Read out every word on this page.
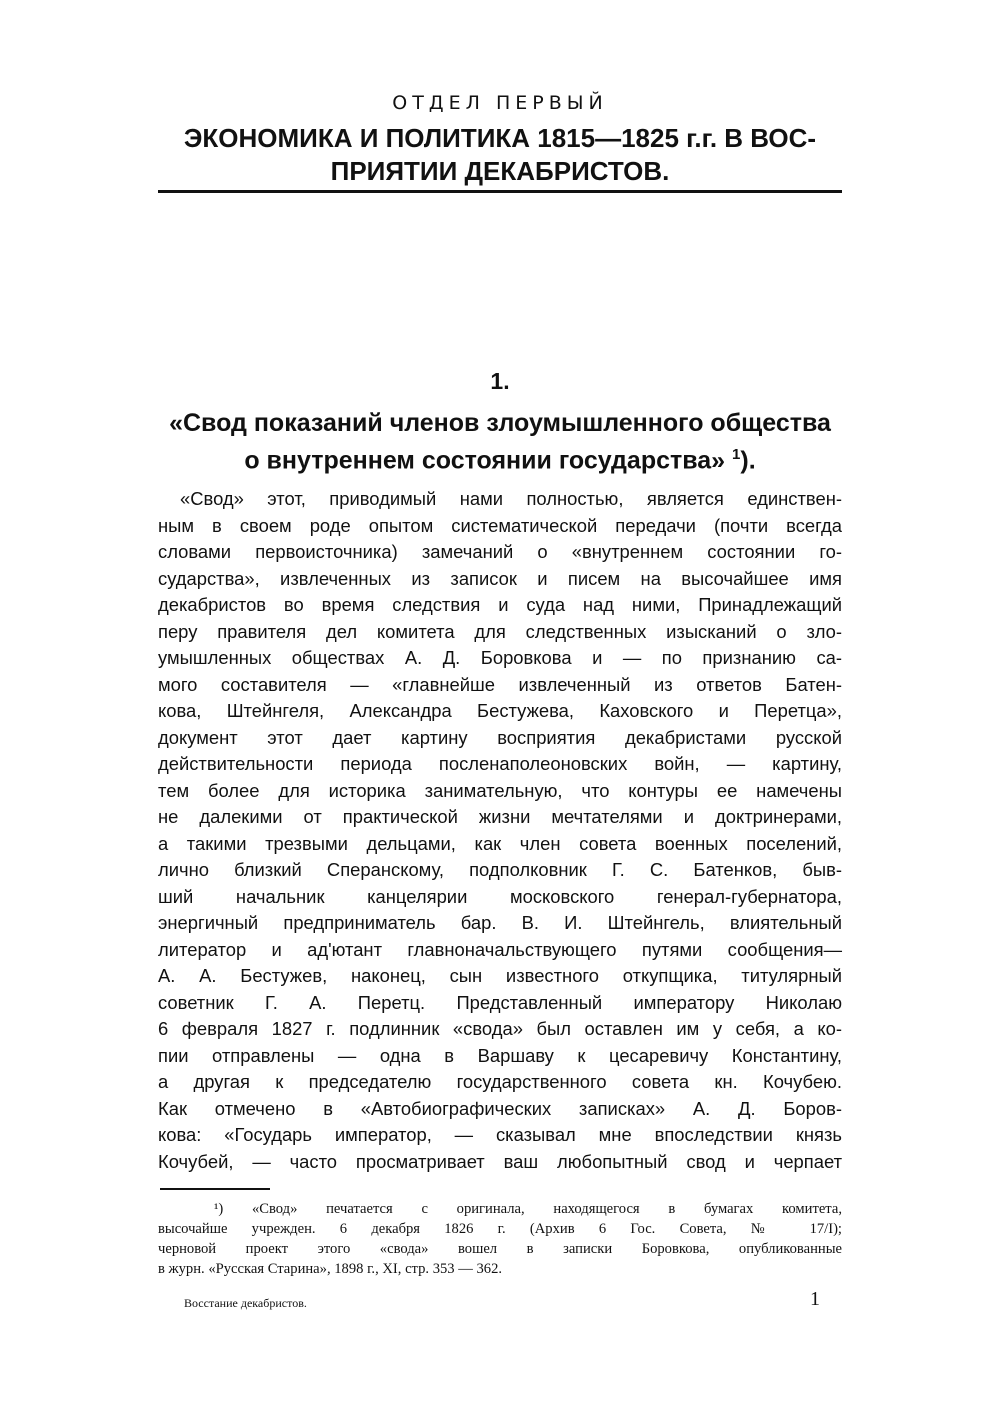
ОТДЕЛ ПЕРВЫЙ
ЭКОНОМИКА И ПОЛИТИКА 1815—1825 г.г. В ВОС-
ПРИЯТИИ ДЕКАБРИСТОВ.
1.
«Свод показаний членов злоумышленного общества
о внутреннем состоянии государства» $^1$).
«Свод» этот, приводимый нами полностью, является единствен-
ным в своем роде опытом систематической передачи (почти всегда
словами первоисточника) замечаний о «внутреннем состоянии го-
сударства», извлеченных из записок и писем на высочайшее имя
декабристов во время следствия и суда над ними, Принадлежащий
перу правителя дел комитета для следственных изысканий о зло-
умышленных обществах А. Д. Боровкова и — по признанию са-
мого составителя — «главнейше извлеченный из ответов Батен-
кова, Штейнгеля, Александра Бестужева, Каховского и Перетца»,
документ этот дает картину восприятия декабристами русской
действительности периода посленаполеоновских войн, — картину,
тем более для историка занимательную, что контуры ее намечены
не далекими от практической жизни мечтателями и доктринерами,
а такими трезвыми дельцами, как член совета военных поселений,
лично близкий Сперанскому, подполковник Г. С. Батенков, быв-
ший начальник канцелярии московского генерал-губернатора,
энергичный предприниматель бар. В. И. Штейнгель, влиятельный
литератор и ад'ютант главноначальствующего путями сообщения—
А. А. Бестужев, наконец, сын известного откупщика, титулярный
советник Г. А. Перетц. Представленный императору Николаю
6 февраля 1827 г. подлинник «свода» был оставлен им у себя, а ко-
пии отправлены — одна в Варшаву к цесаревичу Константину,
а другая к председателю государственного совета кн. Кочубею.
Как отмечено в «Автобиографических записках» А. Д. Боров-
кова: «Государь император, — сказывал мне впоследствии князь
Кочубей, — часто просматривает ваш любопытный свод и черпает
¹) «Свод» печатается с оригинала, находящегося в бумагах комитета,
высочайше учрежден. 6 декабря 1826 г. (Архив 6 Гос. Совета, № 17/I);
черновой проект этого «свода» вошел в записки Боровкова, опубликованные
в журн. «Русская Старина», 1898 г., XI, стр. 353 — 362.
Восстание декабристов.	1
